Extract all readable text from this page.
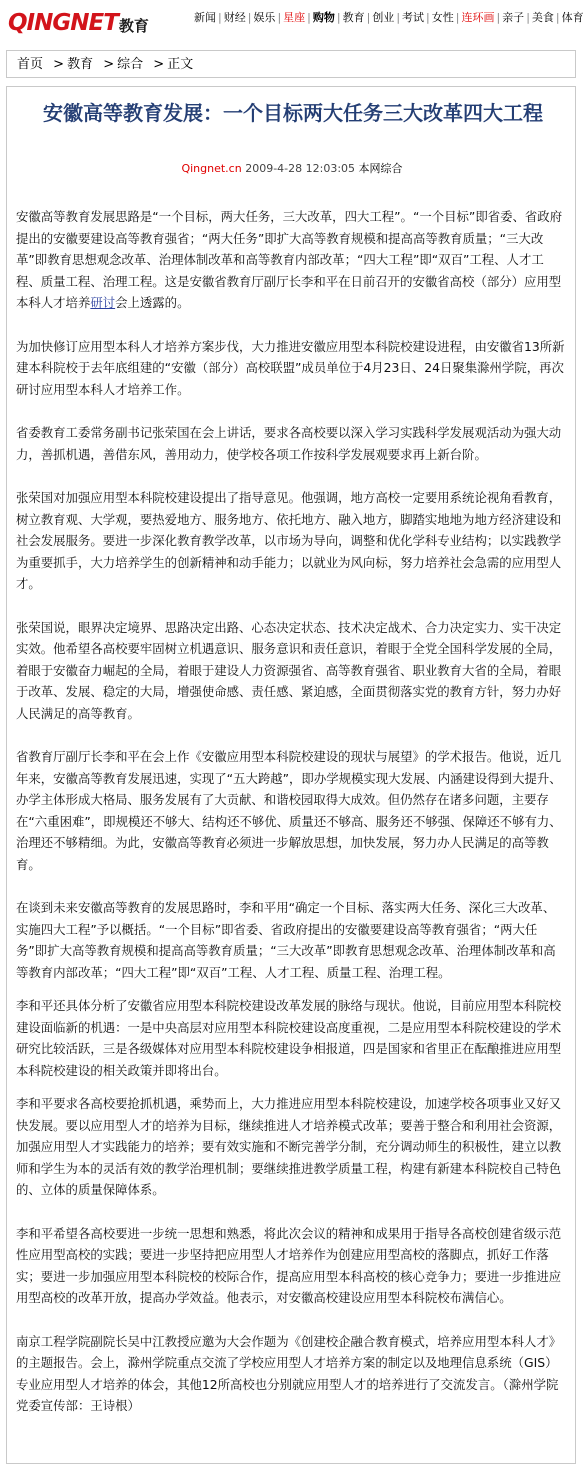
QINGNET 教育	新闻 | 财经 | 娱乐 | 星座 | 购物 | 教育 | 创业 | 考试 | 女性 | 连环画 | 亲子 | 美食 | 体育
首页 > 教育 > 综合 > 正文
安徽高等教育发展：一个目标两大任务三大改革四大工程
Qingnet.cn 2009-4-28 12:03:05 本网综合

安徽高等教育发展思路是“一个目标，两大任务，三大改革，四大工程”。“一个目标”即省委、省政府提出的安徽要建设高等教育强省；“两大任务”即扩大高等教育规模和提高高等教育质量；“三大改革”即教育思想观念改革、治理体制改革和高等教育内部改革；“四大工程”即“双百”工程、人才工程、质量工程、治理工程。这是安徽省教育厅副厅长李和平在日前召开的安徽省高校（部分）应用型本科人才培养研讨会上透露的。

为加快修订应用型本科人才培养方案步伐，大力推进安徽应用型本科院校建设进程，由安徽省13所新建本科院校于去年底组建的“安徽（部分）高校联盟”成员单位于4月23日、24日聚集滁州学院，再次研讨应用型本科人才培养工作。

省委教育工委常务副书记张荣国在会上讲话，要求各高校要以深入学习实践科学发展观活动为强大动力，善抓机遇，善借东风，善用动力，使学校各项工作按科学发展观要求再上新台阶。

张荣国对加强应用型本科院校建设提出了指导意见。他强调，地方高校一定要用系统论视角看教育，树立教育观、大学观，要热爱地方、服务地方、依托地方、融入地方，脚踏实地地为地方经济建设和社会发展服务。要进一步深化教育教学改革，以市场为导向，调整和优化学科专业结构；以实践教学为重要抓手，大力培养学生的创新精神和动手能力；以就业为风向标，努力培养社会急需的应用型人才。

张荣国说，眼界决定境界、思路决定出路、心态决定状态、技术决定战术、合力决定实力、实干决定实效。他希望各高校要牢固树立机遇意识、服务意识和责任意识，着眼于全党全国科学发展的全局，着眼于安徽奋力崛起的全局，着眼于建设人力资源强省、高等教育强省、职业教育大省的全局，着眼于改革、发展、稳定的大局，增强使命感、责任感、紧迫感，全面贯彻落实党的教育方针，努力办好人民满足的高等教育。

省教育厅副厅长李和平在会上作《安徽应用型本科院校建设的现状与展望》的学术报告。他说，近几年来，安徽高等教育发展迅速，实现了“五大跨越”，即办学规模实现大发展、内涵建设得到大提升、办学主体形成大格局、服务发展有了大贡献、和谐校园取得大成效。但仍然存在诸多问题，主要存在“六重困难”，即规模还不够大、结构还不够优、质量还不够高、服务还不够强、保障还不够有力、治理还不够精细。为此，安徽高等教育必须进一步解放思想，加快发展，努力办人民满足的高等教育。

在谈到未来安徽高等教育的发展思路时，李和平用“确定一个目标、落实两大任务、深化三大改革、实施四大工程”予以概括。“一个目标”即省委、省政府提出的安徽要建设高等教育强省；“两大任务”即扩大高等教育规模和提高高等教育质量；“三大改革”即教育思想观念改革、治理体制改革和高等教育内部改革；“四大工程”即“双百”工程、人才工程、质量工程、治理工程。

李和平还具体分析了安徽省应用型本科院校建设改革发展的脉络与现状。他说，目前应用型本科院校建设面临新的机遇：一是中央高层对应用型本科院校建设高度重视，二是应用型本科院校建设的学术研究比较活跃，三是各级媒体对应用型本科院校建设争相报道，四是国家和省里正在酝酿推进应用型本科院校建设的相关政策并即将出台。

李和平要求各高校要抢抓机遇，乘势而上，大力推进应用型本科院校建设，加速学校各项事业又好又快发展。要以应用型人才的培养为目标，继续推进人才培养模式改革；要善于整合和利用社会资源，加强应用型人才实践能力的培养；要有效实施和不断完善学分制，充分调动师生的积极性，建立以教师和学生为本的灵活有效的教学治理机制；要继续推进教学质量工程，构建有新建本科院校自己特色的、立体的质量保障体系。

李和平希望各高校要进一步统一思想和熟悉，将此次会议的精神和成果用于指导各高校创建省级示范性应用型高校的实践；要进一步坚持把应用型人才培养作为创建应用型高校的落脚点，抓好工作落实；要进一步加强应用型本科院校的校际合作，提高应用型本科高校的核心竞争力；要进一步推进应用型高校的改革开放，提高办学效益。他表示，对安徽高校建设应用型本科院校布满信心。

南京工程学院副院长吴中江教授应邀为大会作题为《创建校企融合教育模式，培养应用型本科人才》的主题报告。会上，滁州学院重点交流了学校应用型人才培养方案的制定以及地理信息系统（GIS）专业应用型人才培养的体会，其他12所高校也分别就应用型人才的培养进行了交流发言。（滁州学院党委宣传部：王诗根）
